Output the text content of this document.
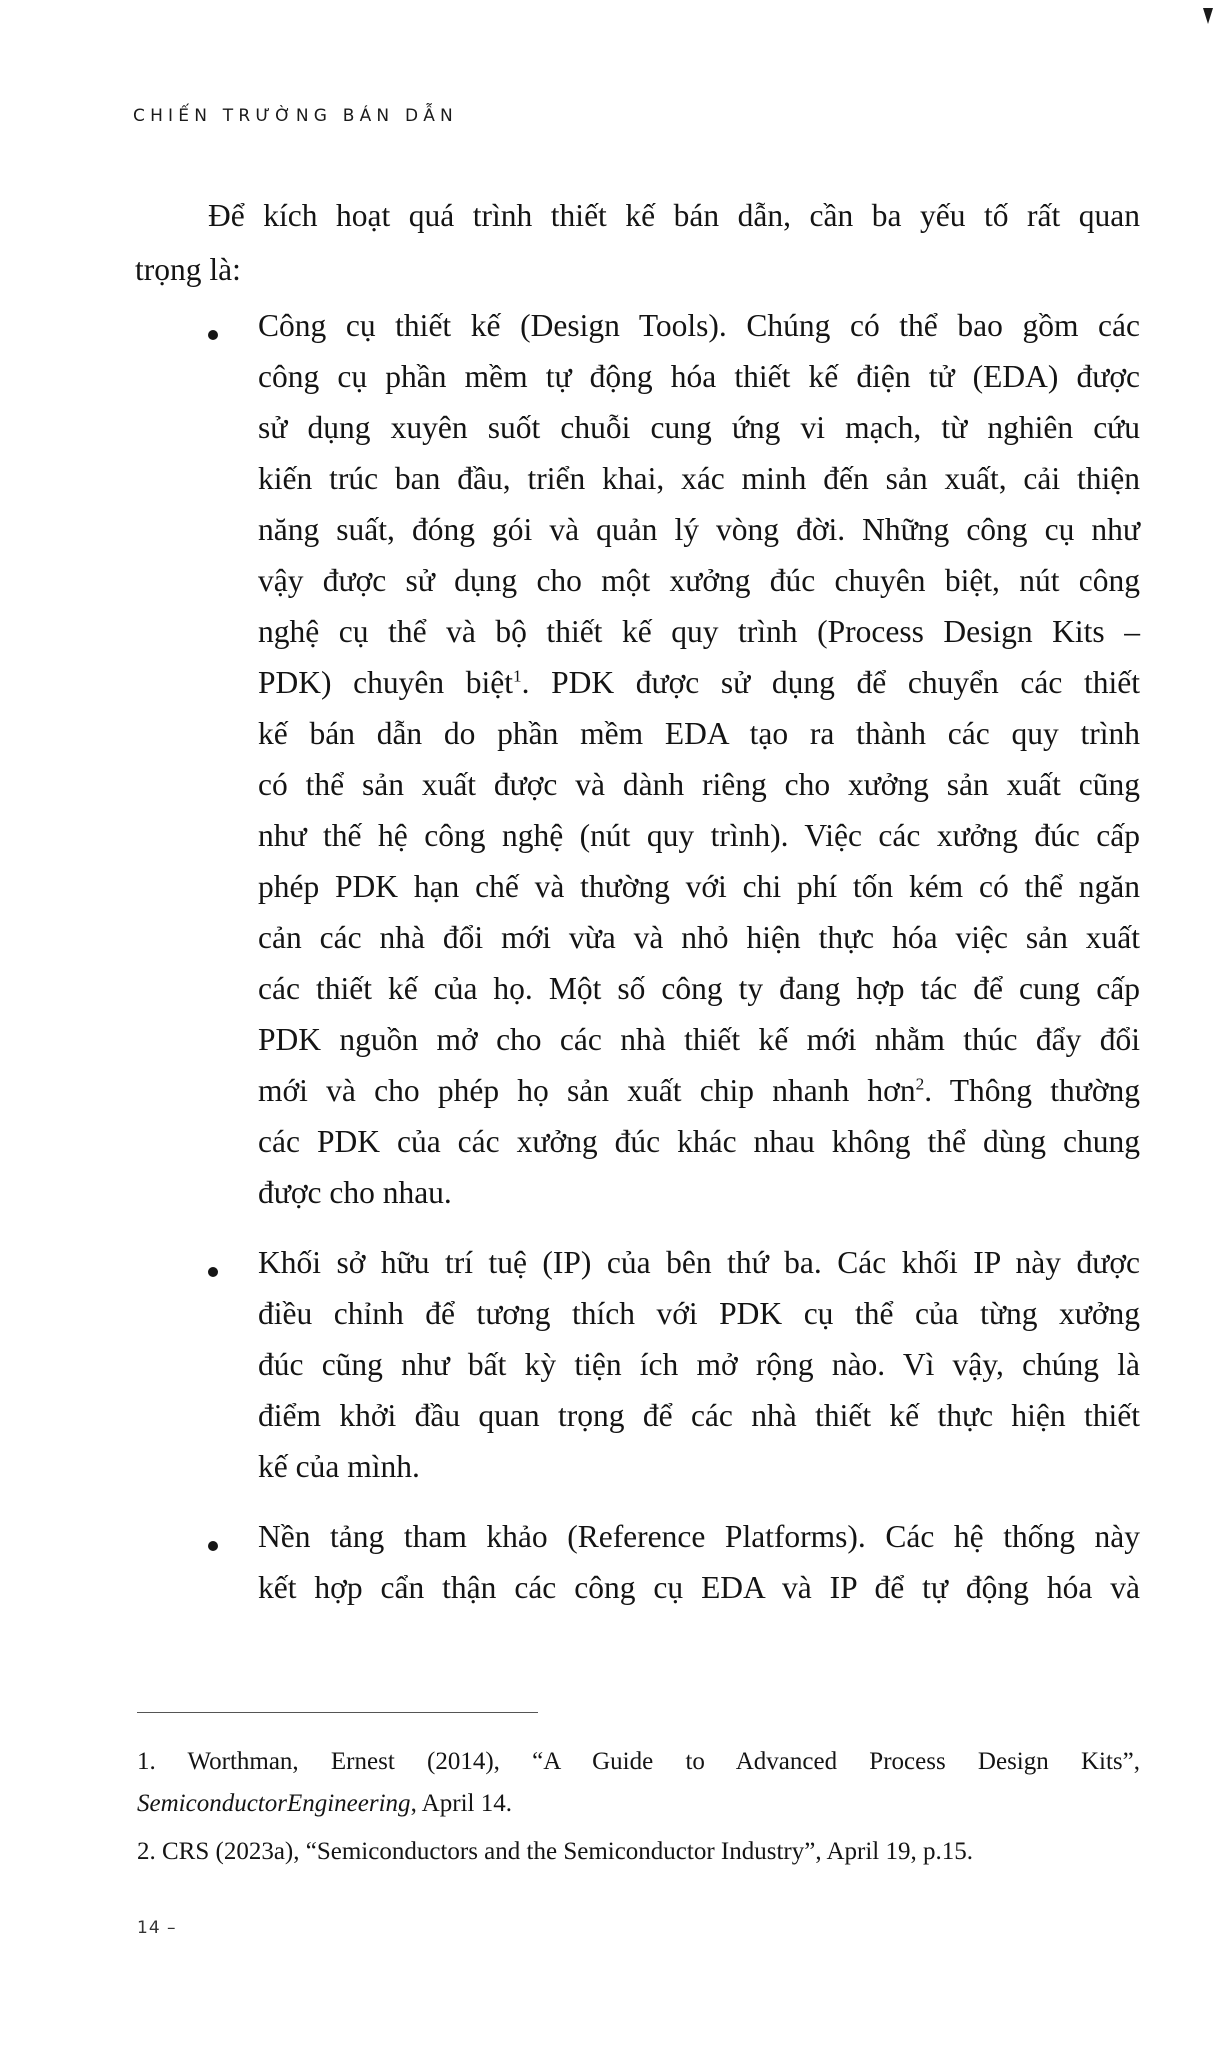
CHIẾN TRƯỜNG BÁN DẪN
Để kích hoạt quá trình thiết kế bán dẫn, cần ba yếu tố rất quan
trọng là:
Công cụ thiết kế (Design Tools). Chúng có thể bao gồm các
công cụ phần mềm tự động hóa thiết kế điện tử (EDA) được
sử dụng xuyên suốt chuỗi cung ứng vi mạch, từ nghiên cứu
kiến trúc ban đầu, triển khai, xác minh đến sản xuất, cải thiện
năng suất, đóng gói và quản lý vòng đời. Những công cụ như
vậy được sử dụng cho một xưởng đúc chuyên biệt, nút công
nghệ cụ thể và bộ thiết kế quy trình (Process Design Kits –
PDK) chuyên biệt$^1$. PDK được sử dụng để chuyển các thiết
kế bán dẫn do phần mềm EDA tạo ra thành các quy trình
có thể sản xuất được và dành riêng cho xưởng sản xuất cũng
như thế hệ công nghệ (nút quy trình). Việc các xưởng đúc cấp
phép PDK hạn chế và thường với chi phí tốn kém có thể ngăn
cản các nhà đổi mới vừa và nhỏ hiện thực hóa việc sản xuất
các thiết kế của họ. Một số công ty đang hợp tác để cung cấp
PDK nguồn mở cho các nhà thiết kế mới nhằm thúc đẩy đổi
mới và cho phép họ sản xuất chip nhanh hơn$^2$. Thông thường
các PDK của các xưởng đúc khác nhau không thể dùng chung
được cho nhau.
Khối sở hữu trí tuệ (IP) của bên thứ ba. Các khối IP này được
điều chỉnh để tương thích với PDK cụ thể của từng xưởng
đúc cũng như bất kỳ tiện ích mở rộng nào. Vì vậy, chúng là
điểm khởi đầu quan trọng để các nhà thiết kế thực hiện thiết
kế của mình.
Nền tảng tham khảo (Reference Platforms). Các hệ thống này
kết hợp cẩn thận các công cụ EDA và IP để tự động hóa và
1. Worthman, Ernest (2014), “A Guide to Advanced Process Design Kits”,
SemiconductorEngineering, April 14.
2. CRS (2023a), “Semiconductors and the Semiconductor Industry”, April 19, p.15.
14 –
